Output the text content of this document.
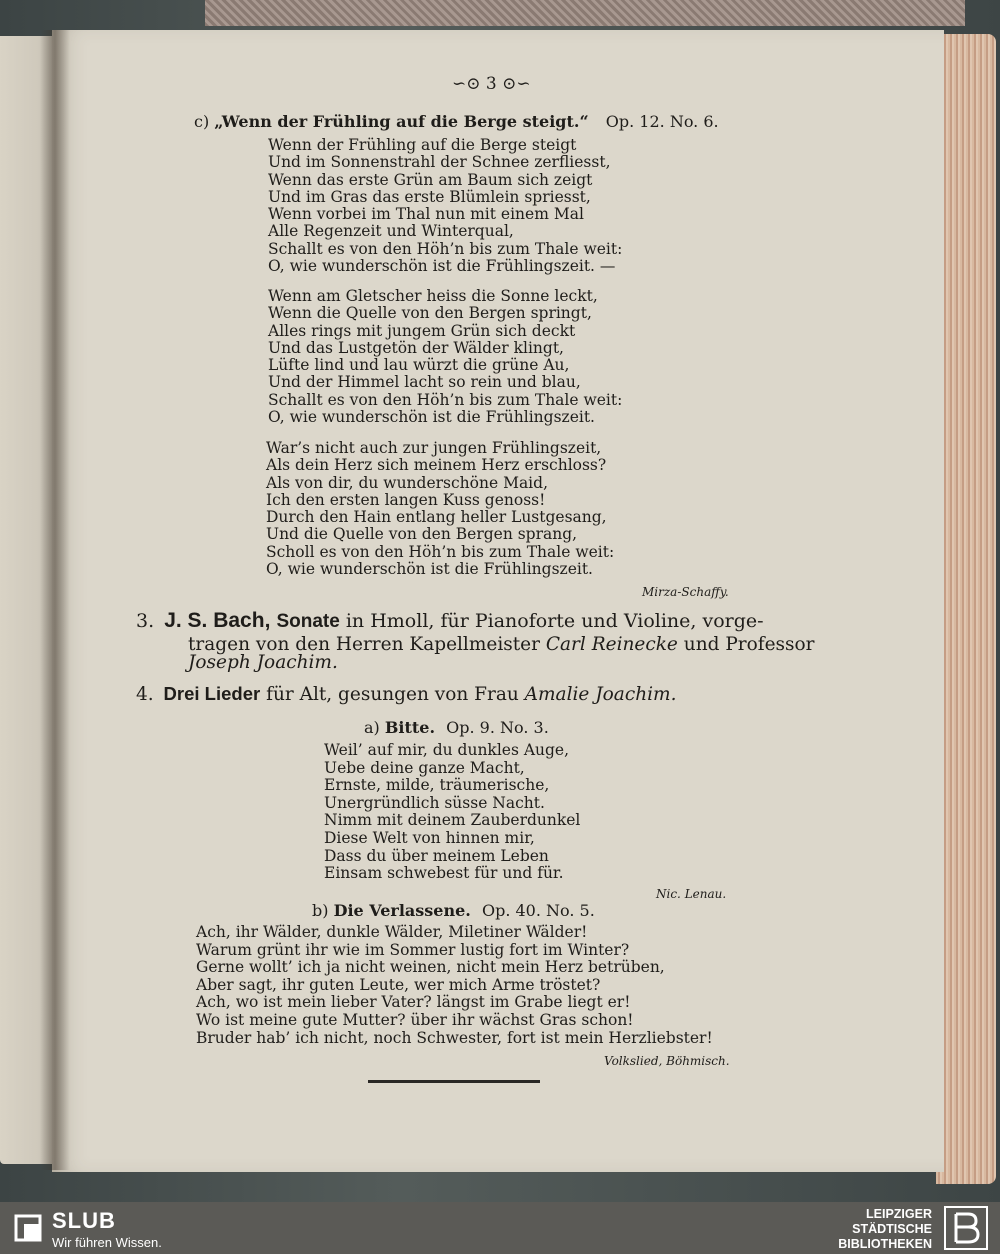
∽⊙ 3 ⊙∽
c) „Wenn der Frühling auf die Berge steigt.“ Op. 12. No. 6.
Wenn der Frühling auf die Berge steigt
Und im Sonnenstrahl der Schnee zerfliesst,
Wenn das erste Grün am Baum sich zeigt
Und im Gras das erste Blümlein spriesst,
Wenn vorbei im Thal nun mit einem Mal
Alle Regenzeit und Winterqual,
Schallt es von den Höh’n bis zum Thale weit:
O, wie wunderschön ist die Frühlingszeit. —
Wenn am Gletscher heiss die Sonne leckt,
Wenn die Quelle von den Bergen springt,
Alles rings mit jungem Grün sich deckt
Und das Lustgetön der Wälder klingt,
Lüfte lind und lau würzt die grüne Au,
Und der Himmel lacht so rein und blau,
Schallt es von den Höh’n bis zum Thale weit:
O, wie wunderschön ist die Frühlingszeit.
War’s nicht auch zur jungen Frühlingszeit,
Als dein Herz sich meinem Herz erschloss?
Als von dir, du wunderschöne Maid,
Ich den ersten langen Kuss genoss!
Durch den Hain entlang heller Lustgesang,
Und die Quelle von den Bergen sprang,
Scholl es von den Höh’n bis zum Thale weit:
O, wie wunderschön ist die Frühlingszeit.
Mirza-Schaffy.
3. J. S. Bach, Sonate in Hmoll, für Pianoforte und Violine, vorge-
tragen von den Herren Kapellmeister Carl Reinecke und Professor
Joseph Joachim.
4. Drei Lieder für Alt, gesungen von Frau Amalie Joachim.
a) Bitte. Op. 9. No. 3.
Weil’ auf mir, du dunkles Auge,
Uebe deine ganze Macht,
Ernste, milde, träumerische,
Unergründlich süsse Nacht.
Nimm mit deinem Zauberdunkel
Diese Welt von hinnen mir,
Dass du über meinem Leben
Einsam schwebest für und für.
Nic. Lenau.
b) Die Verlassene. Op. 40. No. 5.
Ach, ihr Wälder, dunkle Wälder, Miletiner Wälder!
Warum grünt ihr wie im Sommer lustig fort im Winter?
Gerne wollt’ ich ja nicht weinen, nicht mein Herz betrüben,
Aber sagt, ihr guten Leute, wer mich Arme tröstet?
Ach, wo ist mein lieber Vater? längst im Grabe liegt er!
Wo ist meine gute Mutter? über ihr wächst Gras schon!
Bruder hab’ ich nicht, noch Schwester, fort ist mein Herzliebster!
Volkslied, Böhmisch.
SLUB
Wir führen Wissen.
LEIPZIGER
STÄDTISCHE
BIBLIOTHEKEN
